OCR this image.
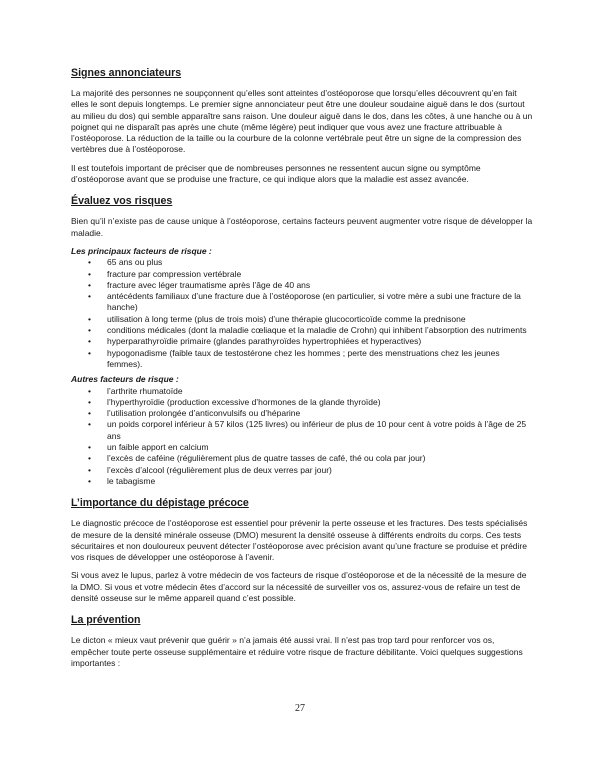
Signes annonciateurs

La majorité des personnes ne soupçonnent qu’elles sont atteintes d’ostéoporose que lorsqu’elles découvrent qu’en fait elles le sont depuis longtemps. Le premier signe annonciateur peut être une douleur soudaine aiguë dans le dos (surtout au milieu du dos) qui semble apparaître sans raison. Une douleur aiguë dans le dos, dans les côtes, à une hanche ou à un poignet qui ne disparaît pas après une chute (même légère) peut indiquer que vous avez une fracture attribuable à l’ostéoporose. La réduction de la taille ou la courbure de la colonne vertébrale peut être un signe de la compression des vertèbres due à l’ostéoporose.

Il est toutefois important de préciser que de nombreuses personnes ne ressentent aucun signe ou symptôme d’ostéoporose avant que se produise une fracture, ce qui indique alors que la maladie est assez avancée.

Évaluez vos risques

Bien qu’il n’existe pas de cause unique à l’ostéoporose, certains facteurs peuvent augmenter votre risque de développer la maladie.

Les principaux facteurs de risque :
• 65 ans ou plus
• fracture par compression vertébrale
• fracture avec léger traumatisme après l’âge de 40 ans
• antécédents familiaux d’une fracture due à l’ostéoporose (en particulier, si votre mère a subi une fracture de la hanche)
• utilisation à long terme (plus de trois mois) d’une thérapie glucocorticoïde comme la prednisone
• conditions médicales (dont la maladie cœliaque et la maladie de Crohn) qui inhibent l’absorption des nutriments
• hyperparathyroïdie primaire (glandes parathyroïdes hypertrophiées et hyperactives)
• hypogonadisme (faible taux de testostérone chez les hommes ; perte des menstruations chez les jeunes femmes).
Autres facteurs de risque :
• l’arthrite rhumatoïde
• l’hyperthyroïdie (production excessive d’hormones de la glande thyroïde)
• l’utilisation prolongée d’anticonvulsifs ou d’héparine
• un poids corporel inférieur à 57 kilos (125 livres) ou inférieur de plus de 10 pour cent à votre poids à l’âge de 25 ans
• un faible apport en calcium
• l’excès de caféine (régulièrement plus de quatre tasses de café, thé ou cola par jour)
• l’excès d’alcool (régulièrement plus de deux verres par jour)
• le tabagisme
L’importance du dépistage précoce

Le diagnostic précoce de l’ostéoporose est essentiel pour prévenir la perte osseuse et les fractures. Des tests spécialisés de mesure de la densité minérale osseuse (DMO) mesurent la densité osseuse à différents endroits du corps. Ces tests sécuritaires et non douloureux peuvent détecter l’ostéoporose avec précision avant qu’une fracture se produise et prédire vos risques de développer une ostéoporose à l’avenir.

Si vous avez le lupus, parlez à votre médecin de vos facteurs de risque d’ostéoporose et de la nécessité de la mesure de la DMO. Si vous et votre médecin êtes d’accord sur la nécessité de surveiller vos os, assurez-vous de refaire un test de densité osseuse sur le même appareil quand c’est possible.

La prévention

Le dicton « mieux vaut prévenir que guérir » n’a jamais été aussi vrai. Il n’est pas trop tard pour renforcer vos os, empêcher toute perte osseuse supplémentaire et réduire votre risque de fracture débilitante. Voici quelques suggestions importantes :

27
